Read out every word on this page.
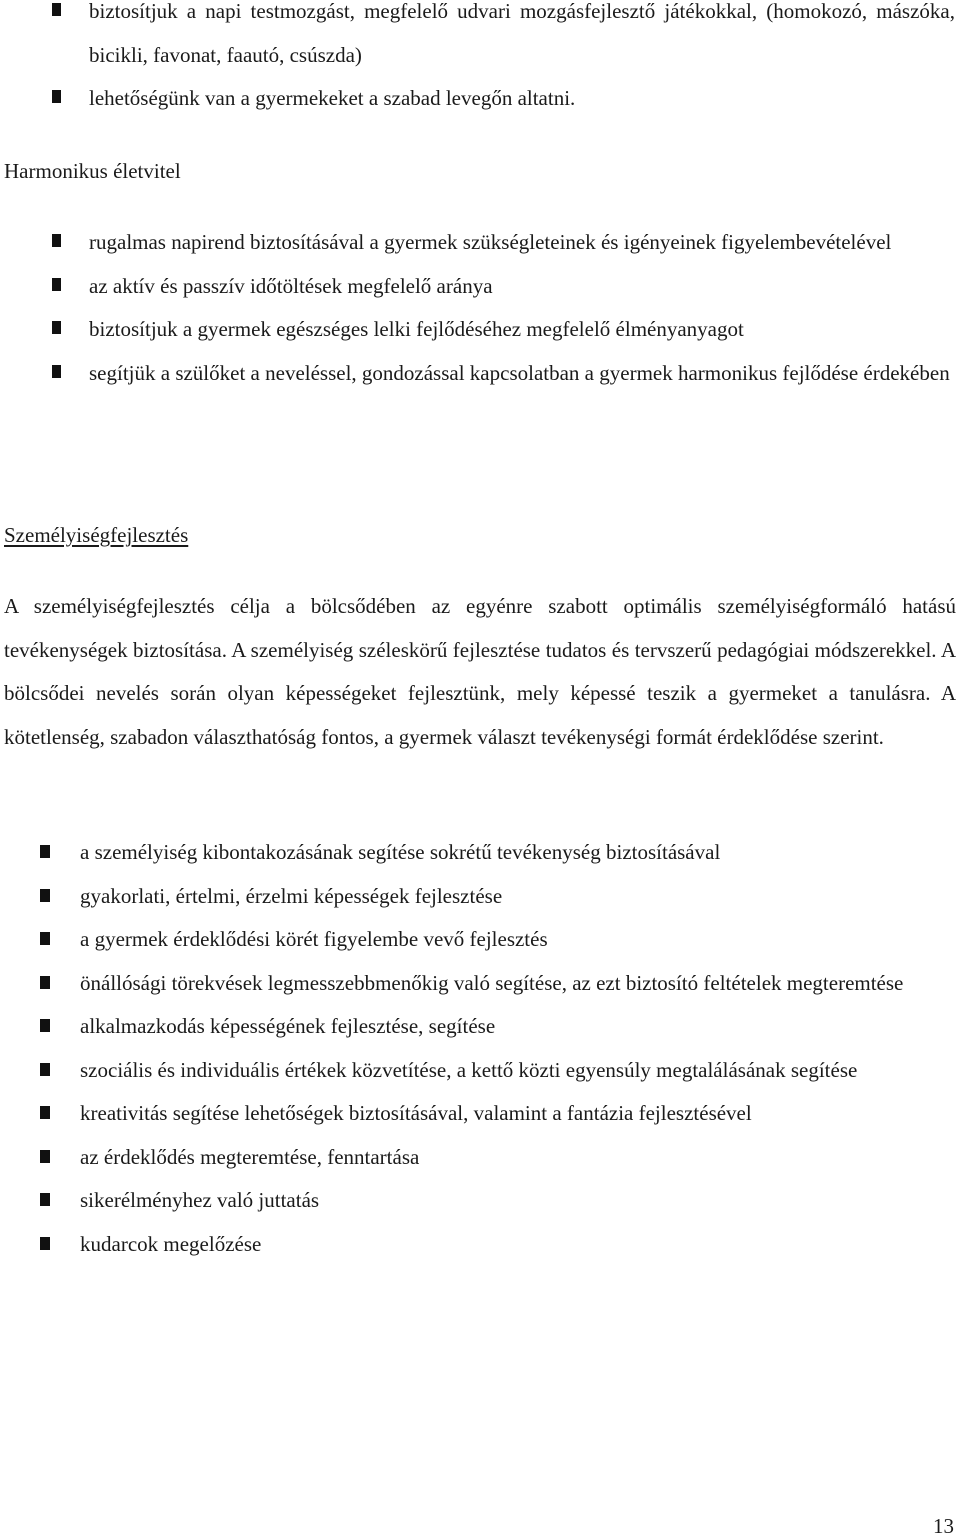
biztosítjuk a napi testmozgást, megfelelő udvari mozgásfejlesztő játékokkal, (homokozó, mászóka, bicikli, favonat, faautó, csúszda)
lehetőségünk van a gyermekeket a szabad levegőn altatni.
Harmonikus életvitel
rugalmas napirend biztosításával a gyermek szükségleteinek és igényeinek figyelembevételével
az aktív és passzív időtöltések megfelelő aránya
biztosítjuk a gyermek egészséges lelki fejlődéséhez megfelelő élményanyagot
segítjük a szülőket a neveléssel, gondozással kapcsolatban a gyermek harmonikus fejlődése érdekében
Személyiségfejlesztés

A személyiségfejlesztés célja a bölcsődében az egyénre szabott optimális személyiségformáló hatású tevékenységek biztosítása. A személyiség széleskörű fejlesztése tudatos és tervszerű pedagógiai módszerekkel. A bölcsődei nevelés során olyan képességeket fejlesztünk, mely képessé teszik a gyermeket a tanulásra. A kötetlenség, szabadon választhatóság fontos, a gyermek választ tevékenységi formát érdeklődése szerint.

a személyiség kibontakozásának segítése sokrétű tevékenység biztosításával
gyakorlati, értelmi, érzelmi képességek fejlesztése
a gyermek érdeklődési körét figyelembe vevő fejlesztés
önállósági törekvések legmesszebbmenőkig való segítése, az ezt biztosító feltételek megteremtése
alkalmazkodás képességének fejlesztése, segítése
szociális és individuális értékek közvetítése, a kettő közti egyensúly megtalálásának segítése
kreativitás segítése lehetőségek biztosításával, valamint a fantázia fejlesztésével
az érdeklődés megteremtése, fenntartása
sikerélményhez való juttatás
kudarcok megelőzése
13
